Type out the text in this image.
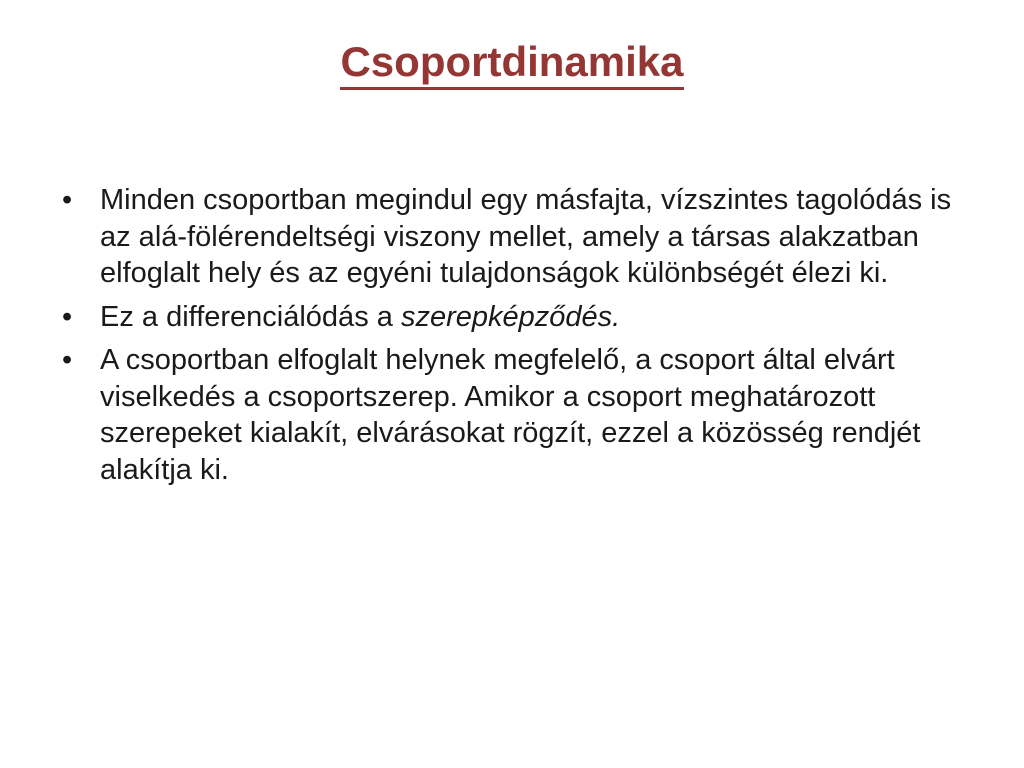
Csoportdinamika
• Minden csoportban megindul egy másfajta, vízszintes tagolódás is az alá-fölérendeltségi viszony mellet, amely a társas alakzatban elfoglalt hely és az egyéni tulajdonságok különbségét élezi ki.
• Ez a differenciálódás a szerepképződés.
• A csoportban elfoglalt helynek megfelelő, a csoport által elvárt viselkedés a csoportszerep. Amikor a csoport meghatározott szerepeket kialakít, elvárásokat rögzít, ezzel a közösség rendjét alakítja ki.
